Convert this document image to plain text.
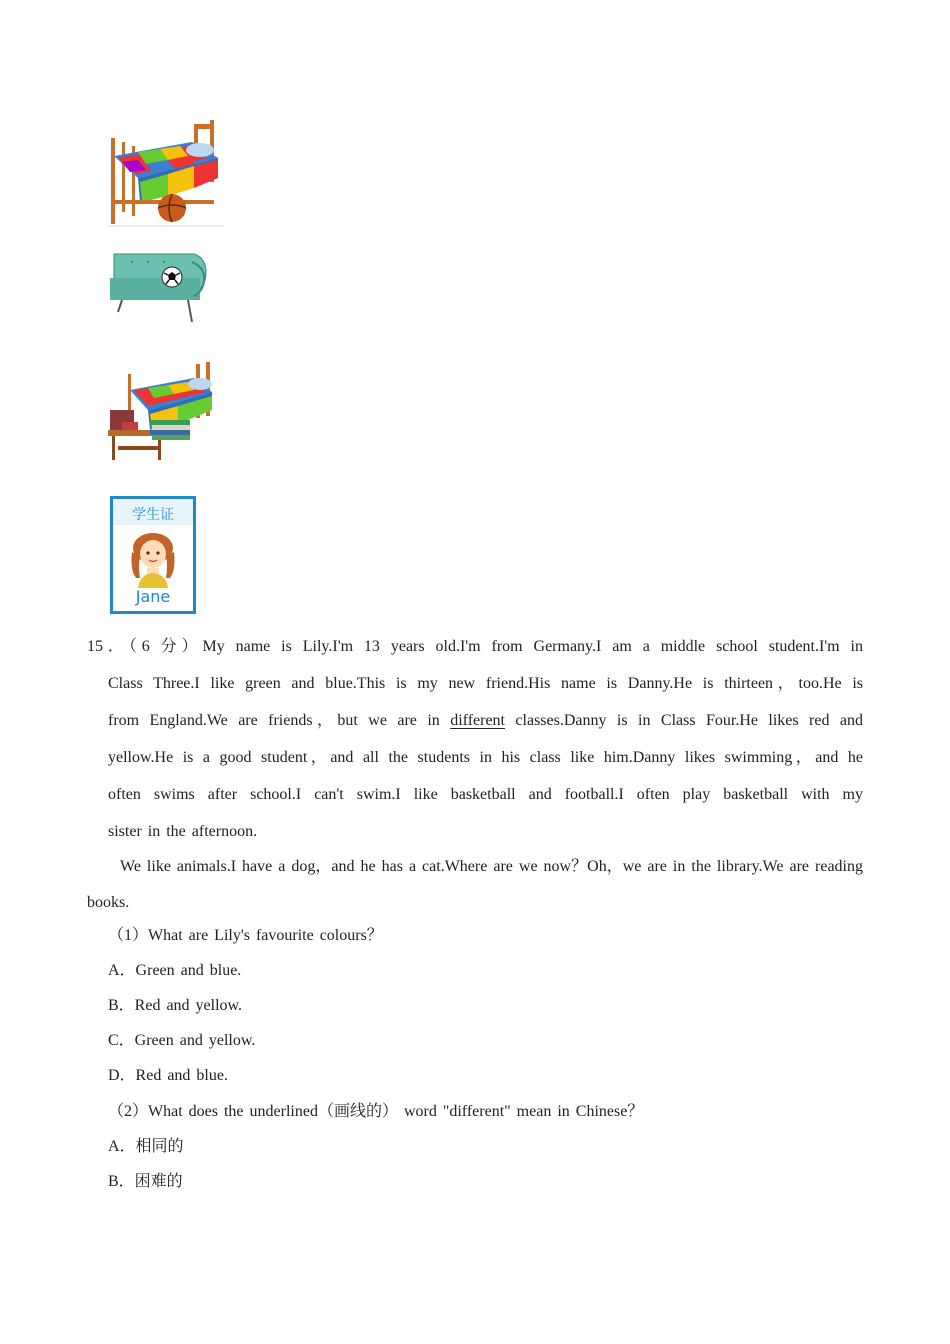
学生证
Jane
15．（6 分）My name is Lily.I'm 13 years old.I'm from Germany.I am a middle school student.I'm in
Class Three.I like green and blue.This is my new friend.His name is Danny.He is thirteen，too.He is
from England.We are friends，but we are in different classes.Danny is in Class Four.He likes red and
yellow.He is a good student，and all the students in his class like him.Danny likes swimming，and he
often swims after school.I can't swim.I like basketball and football.I often play basketball with my
sister in the afternoon.
We like animals.I have a dog，and he has a cat.Where are we now？Oh，we are in the library.We are reading books.
（1）What are Lily's favourite colours？
A．Green and blue.
B．Red and yellow.
C．Green and yellow.
D．Red and blue.
（2）What does the underlined（画线的） word "different" mean in Chinese？
A．相同的
B．困难的
